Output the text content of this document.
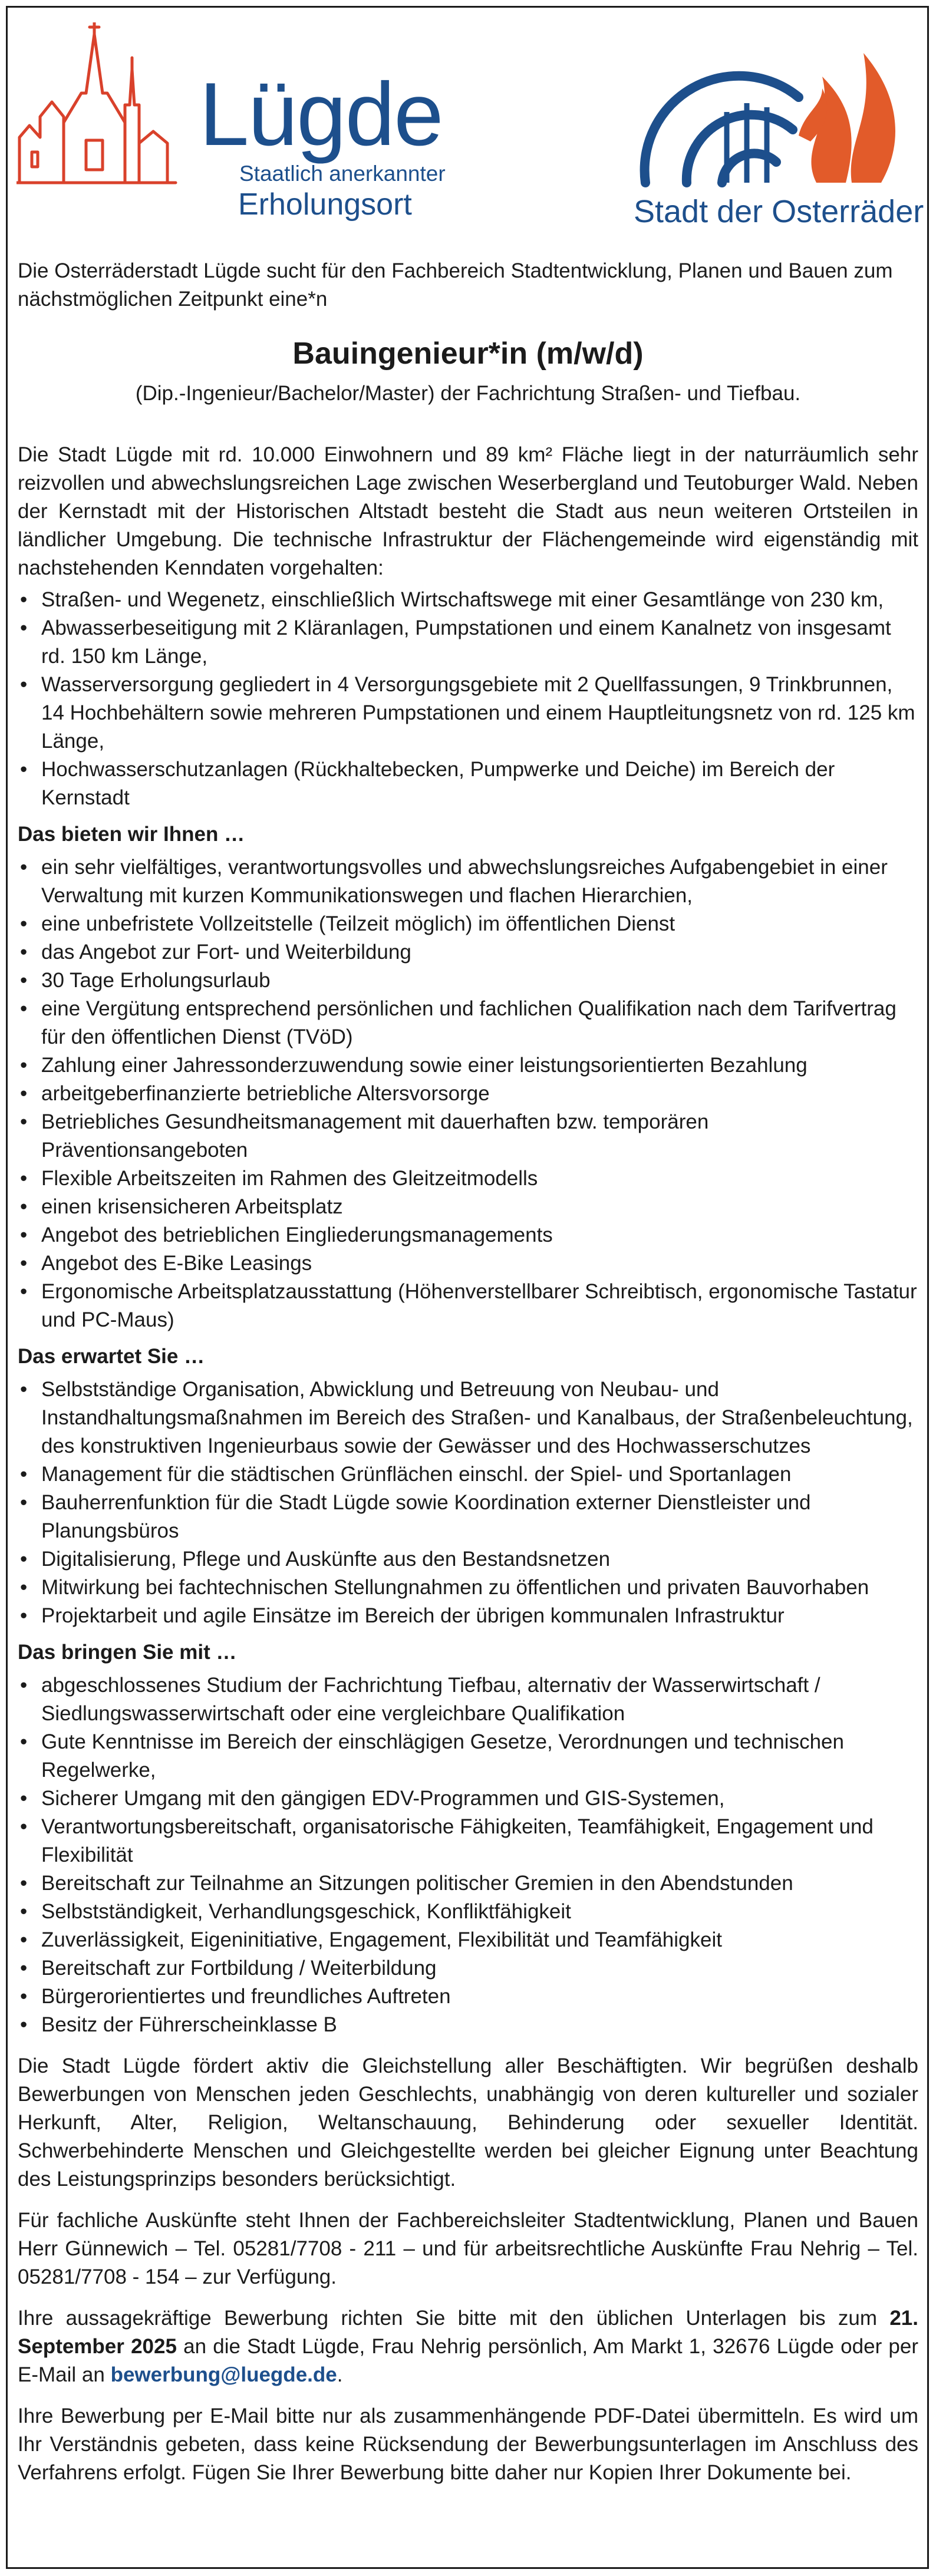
Lügde
Staatlich anerkannter
Erholungsort	Stadt der Osterräder

Die Osterräderstadt Lügde sucht für den Fachbereich Stadtentwicklung, Planen und Bauen zum nächstmöglichen Zeitpunkt eine*n

Bauingenieur*in (m/w/d)

(Dip.-Ingenieur/Bachelor/Master) der Fachrichtung Straßen- und Tiefbau.

Die Stadt Lügde mit rd. 10.000 Einwohnern und 89 km² Fläche liegt in der naturräumlich sehr reizvollen und abwechslungsreichen Lage zwischen Weserbergland und Teutoburger Wald. Neben der Kernstadt mit der Historischen Altstadt besteht die Stadt aus neun weiteren Ortsteilen in ländlicher Umgebung. Die technische Infrastruktur der Flächengemeinde wird eigenständig mit nachstehenden Kenndaten vorgehalten:

• Straßen- und Wegenetz, einschließlich Wirtschaftswege mit einer Gesamtlänge von 230 km,
• Abwasserbeseitigung mit 2 Kläranlagen, Pumpstationen und einem Kanalnetz von insgesamt rd. 150 km Länge,
• Wasserversorgung gegliedert in 4 Versorgungsgebiete mit 2 Quellfassungen, 9 Trinkbrunnen, 14 Hochbehältern sowie mehreren Pumpstationen und einem Hauptleitungsnetz von rd. 125 km Länge,
• Hochwasserschutzanlagen (Rückhaltebecken, Pumpwerke und Deiche) im Bereich der Kernstadt
Das bieten wir Ihnen …
• ein sehr vielfältiges, verantwortungsvolles und abwechslungsreiches Aufgabengebiet in einer Verwaltung mit kurzen Kommunikationswegen und flachen Hierarchien,
• eine unbefristete Vollzeitstelle (Teilzeit möglich) im öffentlichen Dienst
• das Angebot zur Fort- und Weiterbildung
• 30 Tage Erholungsurlaub
• eine Vergütung entsprechend persönlichen und fachlichen Qualifikation nach dem Tarifvertrag für den öffentlichen Dienst (TVöD)
• Zahlung einer Jahressonderzuwendung sowie einer leistungsorientierten Bezahlung
• arbeitgeberfinanzierte betriebliche Altersvorsorge
• Betriebliches Gesundheitsmanagement mit dauerhaften bzw. temporären Präventionsangeboten
• Flexible Arbeitszeiten im Rahmen des Gleitzeitmodells
• einen krisensicheren Arbeitsplatz
• Angebot des betrieblichen Eingliederungsmanagements
• Angebot des E-Bike Leasings
• Ergonomische Arbeitsplatzausstattung (Höhenverstellbarer Schreibtisch, ergonomische Tastatur und PC-Maus)
Das erwartet Sie …
• Selbstständige Organisation, Abwicklung und Betreuung von Neubau- und Instandhaltungsmaßnahmen im Bereich des Straßen- und Kanalbaus, der Straßenbeleuchtung, des konstruktiven Ingenieurbaus sowie der Gewässer und des Hochwasserschutzes
• Management für die städtischen Grünflächen einschl. der Spiel- und Sportanlagen
• Bauherrenfunktion für die Stadt Lügde sowie Koordination externer Dienstleister und Planungsbüros
• Digitalisierung, Pflege und Auskünfte aus den Bestandsnetzen
• Mitwirkung bei fachtechnischen Stellungnahmen zu öffentlichen und privaten Bauvorhaben
• Projektarbeit und agile Einsätze im Bereich der übrigen kommunalen Infrastruktur
Das bringen Sie mit …
• abgeschlossenes Studium der Fachrichtung Tiefbau, alternativ der Wasserwirtschaft / Siedlungswasserwirtschaft oder eine vergleichbare Qualifikation
• Gute Kenntnisse im Bereich der einschlägigen Gesetze, Verordnungen und technischen Regelwerke,
• Sicherer Umgang mit den gängigen EDV-Programmen und GIS-Systemen,
• Verantwortungsbereitschaft, organisatorische Fähigkeiten, Teamfähigkeit, Engagement und Flexibilität
• Bereitschaft zur Teilnahme an Sitzungen politischer Gremien in den Abendstunden
• Selbstständigkeit, Verhandlungsgeschick, Konfliktfähigkeit
• Zuverlässigkeit, Eigeninitiative, Engagement, Flexibilität und Teamfähigkeit
• Bereitschaft zur Fortbildung / Weiterbildung
• Bürgerorientiertes und freundliches Auftreten
• Besitz der Führerscheinklasse B

Die Stadt Lügde fördert aktiv die Gleichstellung aller Beschäftigten. Wir begrüßen deshalb Bewerbungen von Menschen jeden Geschlechts, unabhängig von deren kultureller und sozialer Herkunft, Alter, Religion, Weltanschauung, Behinderung oder sexueller Identität. Schwerbehinderte Menschen und Gleichgestellte werden bei gleicher Eignung unter Beachtung des Leistungsprinzips besonders berücksichtigt.

Für fachliche Auskünfte steht Ihnen der Fachbereichsleiter Stadtentwicklung, Planen und Bauen Herr Günnewich – Tel. 05281/7708 - 211 – und für arbeitsrechtliche Auskünfte Frau Nehrig – Tel. 05281/7708 - 154 – zur Verfügung.

Ihre aussagekräftige Bewerbung richten Sie bitte mit den üblichen Unterlagen bis zum 21. September 2025 an die Stadt Lügde, Frau Nehrig persönlich, Am Markt 1, 32676 Lügde oder per E-Mail an bewerbung@luegde.de.

Ihre Bewerbung per E-Mail bitte nur als zusammenhängende PDF-Datei übermitteln. Es wird um Ihr Verständnis gebeten, dass keine Rücksendung der Bewerbungsunterlagen im Anschluss des Verfahrens erfolgt. Fügen Sie Ihrer Bewerbung bitte daher nur Kopien Ihrer Dokumente bei.
